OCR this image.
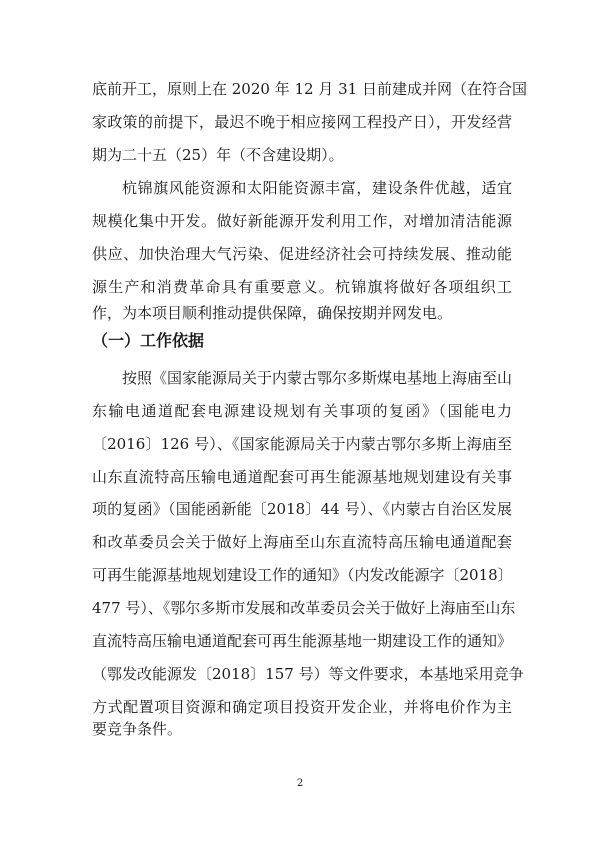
底前开工，原则上在 2020 年 12 月 31 日前建成并网（在符合国
家政策的前提下，最迟不晚于相应接网工程投产日），开发经营
期为二十五（25）年（不含建设期）。
杭锦旗风能资源和太阳能资源丰富，建设条件优越，适宜
规模化集中开发。做好新能源开发利用工作，对增加清洁能源
供应、加快治理大气污染、促进经济社会可持续发展、推动能
源生产和消费革命具有重要意义。杭锦旗将做好各项组织工
作，为本项目顺利推动提供保障，确保按期并网发电。
（一）工作依据
按照《国家能源局关于内蒙古鄂尔多斯煤电基地上海庙至山
东输电通道配套电源建设规划有关事项的复函》（国能电力
〔2016〕126 号）、《国家能源局关于内蒙古鄂尔多斯上海庙至
山东直流特高压输电通道配套可再生能源基地规划建设有关事
项的复函》（国能函新能〔2018〕44 号）、《内蒙古自治区发展
和改革委员会关于做好上海庙至山东直流特高压输电通道配套
可再生能源基地规划建设工作的通知》（内发改能源字〔2018〕
477 号）、《鄂尔多斯市发展和改革委员会关于做好上海庙至山东
直流特高压输电通道配套可再生能源基地一期建设工作的通知》
（鄂发改能源发〔2018〕157 号）等文件要求，本基地采用竞争
方式配置项目资源和确定项目投资开发企业，并将电价作为主
要竞争条件。
2
